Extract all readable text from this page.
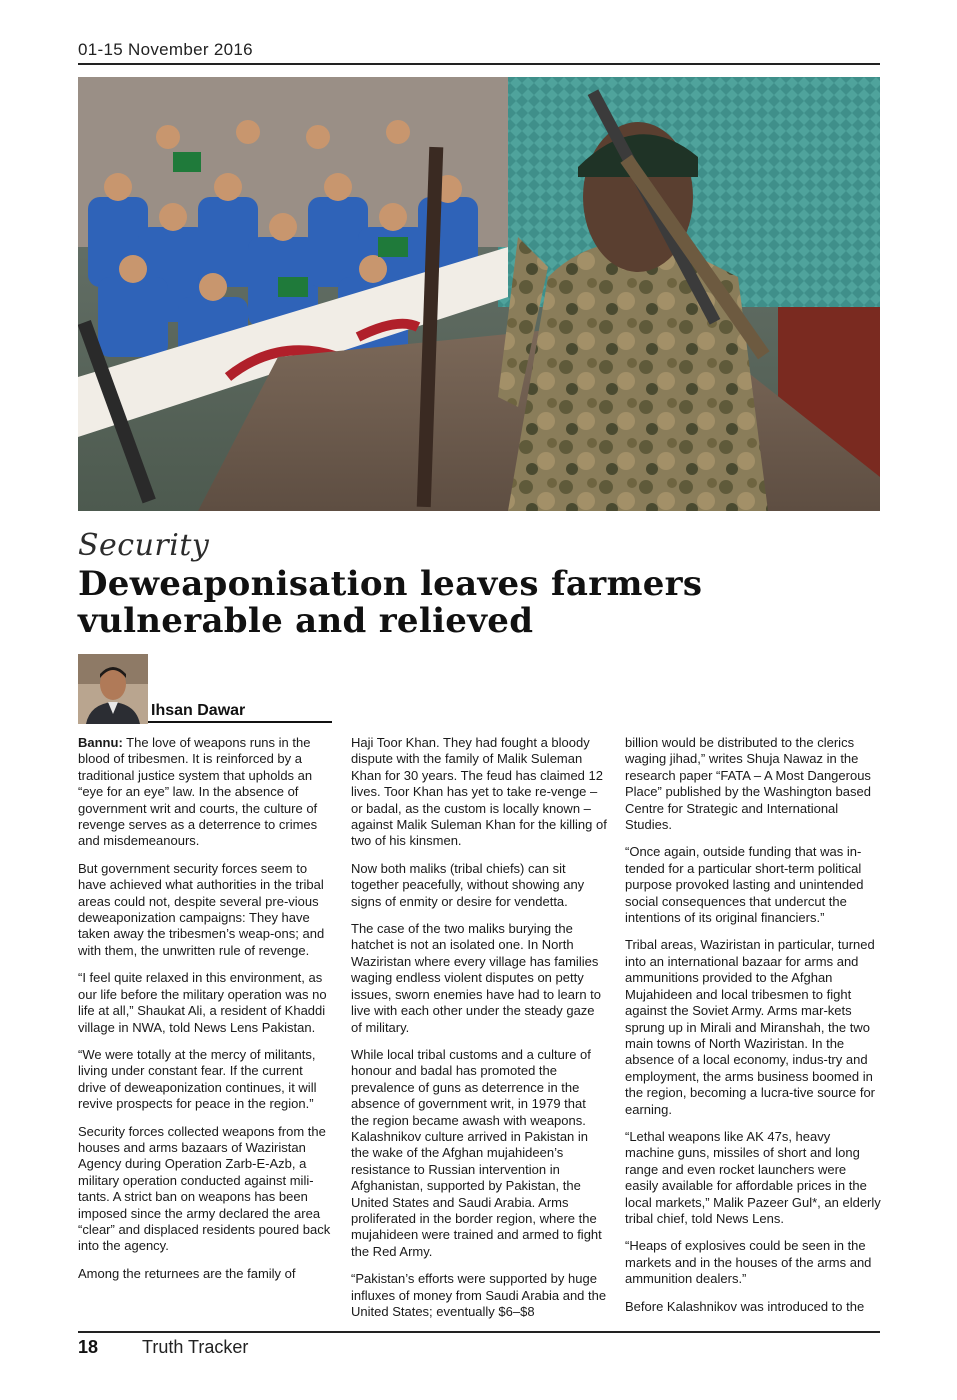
01-15 November 2016
Security
Deweaponisation leaves farmers vulnerable and relieved
Ihsan Dawar

Bannu: The love of weapons runs in the blood of tribesmen. It is reinforced by a traditional justice system that upholds an “eye for an eye” law. In the absence of government writ and courts, the culture of revenge serves as a deterrence to crimes and misdemeanours.

But government security forces seem to have achieved what authorities in the tribal areas could not, despite several pre-vious deweaponization campaigns: They have taken away the tribesmen’s weap-ons; and with them, the unwritten rule of revenge.

“I feel quite relaxed in this environment, as our life before the military operation was no life at all,” Shaukat Ali, a resident of Khaddi village in NWA, told News Lens Pakistan.

“We were totally at the mercy of militants, living under constant fear. If the current drive of deweaponization continues, it will revive prospects for peace in the region.”

Security forces collected weapons from the houses and arms bazaars of Waziristan Agency during Operation Zarb-E-Azb, a military operation conducted against mili-tants. A strict ban on weapons has been imposed since the army declared the area “clear” and displaced residents poured back into the agency.

Among the returnees are the family of

Haji Toor Khan. They had fought a bloody dispute with the family of Malik Suleman Khan for 30 years. The feud has claimed 12 lives. Toor Khan has yet to take re-venge – or badal, as the custom is locally known – against Malik Suleman Khan for the killing of two of his kinsmen.

Now both maliks (tribal chiefs) can sit together peacefully, without showing any signs of enmity or desire for vendetta.

The case of the two maliks burying the hatchet is not an isolated one. In North Waziristan where every village has families waging endless violent disputes on petty issues, sworn enemies have had to learn to live with each other under the steady gaze of military.

While local tribal customs and a culture of honour and badal has promoted the prevalence of guns as deterrence in the absence of government writ, in 1979 that the region became awash with weapons. Kalashnikov culture arrived in Pakistan in the wake of the Afghan mujahideen’s resistance to Russian intervention in Afghanistan, supported by Pakistan, the United States and Saudi Arabia. Arms proliferated in the border region, where the mujahideen were trained and armed to fight the Red Army.

“Pakistan’s efforts were supported by huge influxes of money from Saudi Arabia and the United States; eventually $6–$8

billion would be distributed to the clerics waging jihad,” writes Shuja Nawaz in the research paper “FATA – A Most Dangerous Place” published by the Washington based Centre for Strategic and International Studies.

“Once again, outside funding that was in-tended for a particular short-term political purpose provoked lasting and unintended social consequences that undercut the intentions of its original financiers.”

Tribal areas, Waziristan in particular, turned into an international bazaar for arms and ammunitions provided to the Afghan Mujahideen and local tribesmen to fight against the Soviet Army. Arms mar-kets sprung up in Mirali and Miranshah, the two main towns of North Waziristan. In the absence of a local economy, indus-try and employment, the arms business boomed in the region, becoming a lucra-tive source for earning.

“Lethal weapons like AK 47s, heavy machine guns, missiles of short and long range and even rocket launchers were easily available for affordable prices in the local markets,” Malik Pazeer Gul*, an elderly tribal chief, told News Lens.

“Heaps of explosives could be seen in the markets and in the houses of the arms and ammunition dealers.”

Before Kalashnikov was introduced to the

18 Truth Tracker
